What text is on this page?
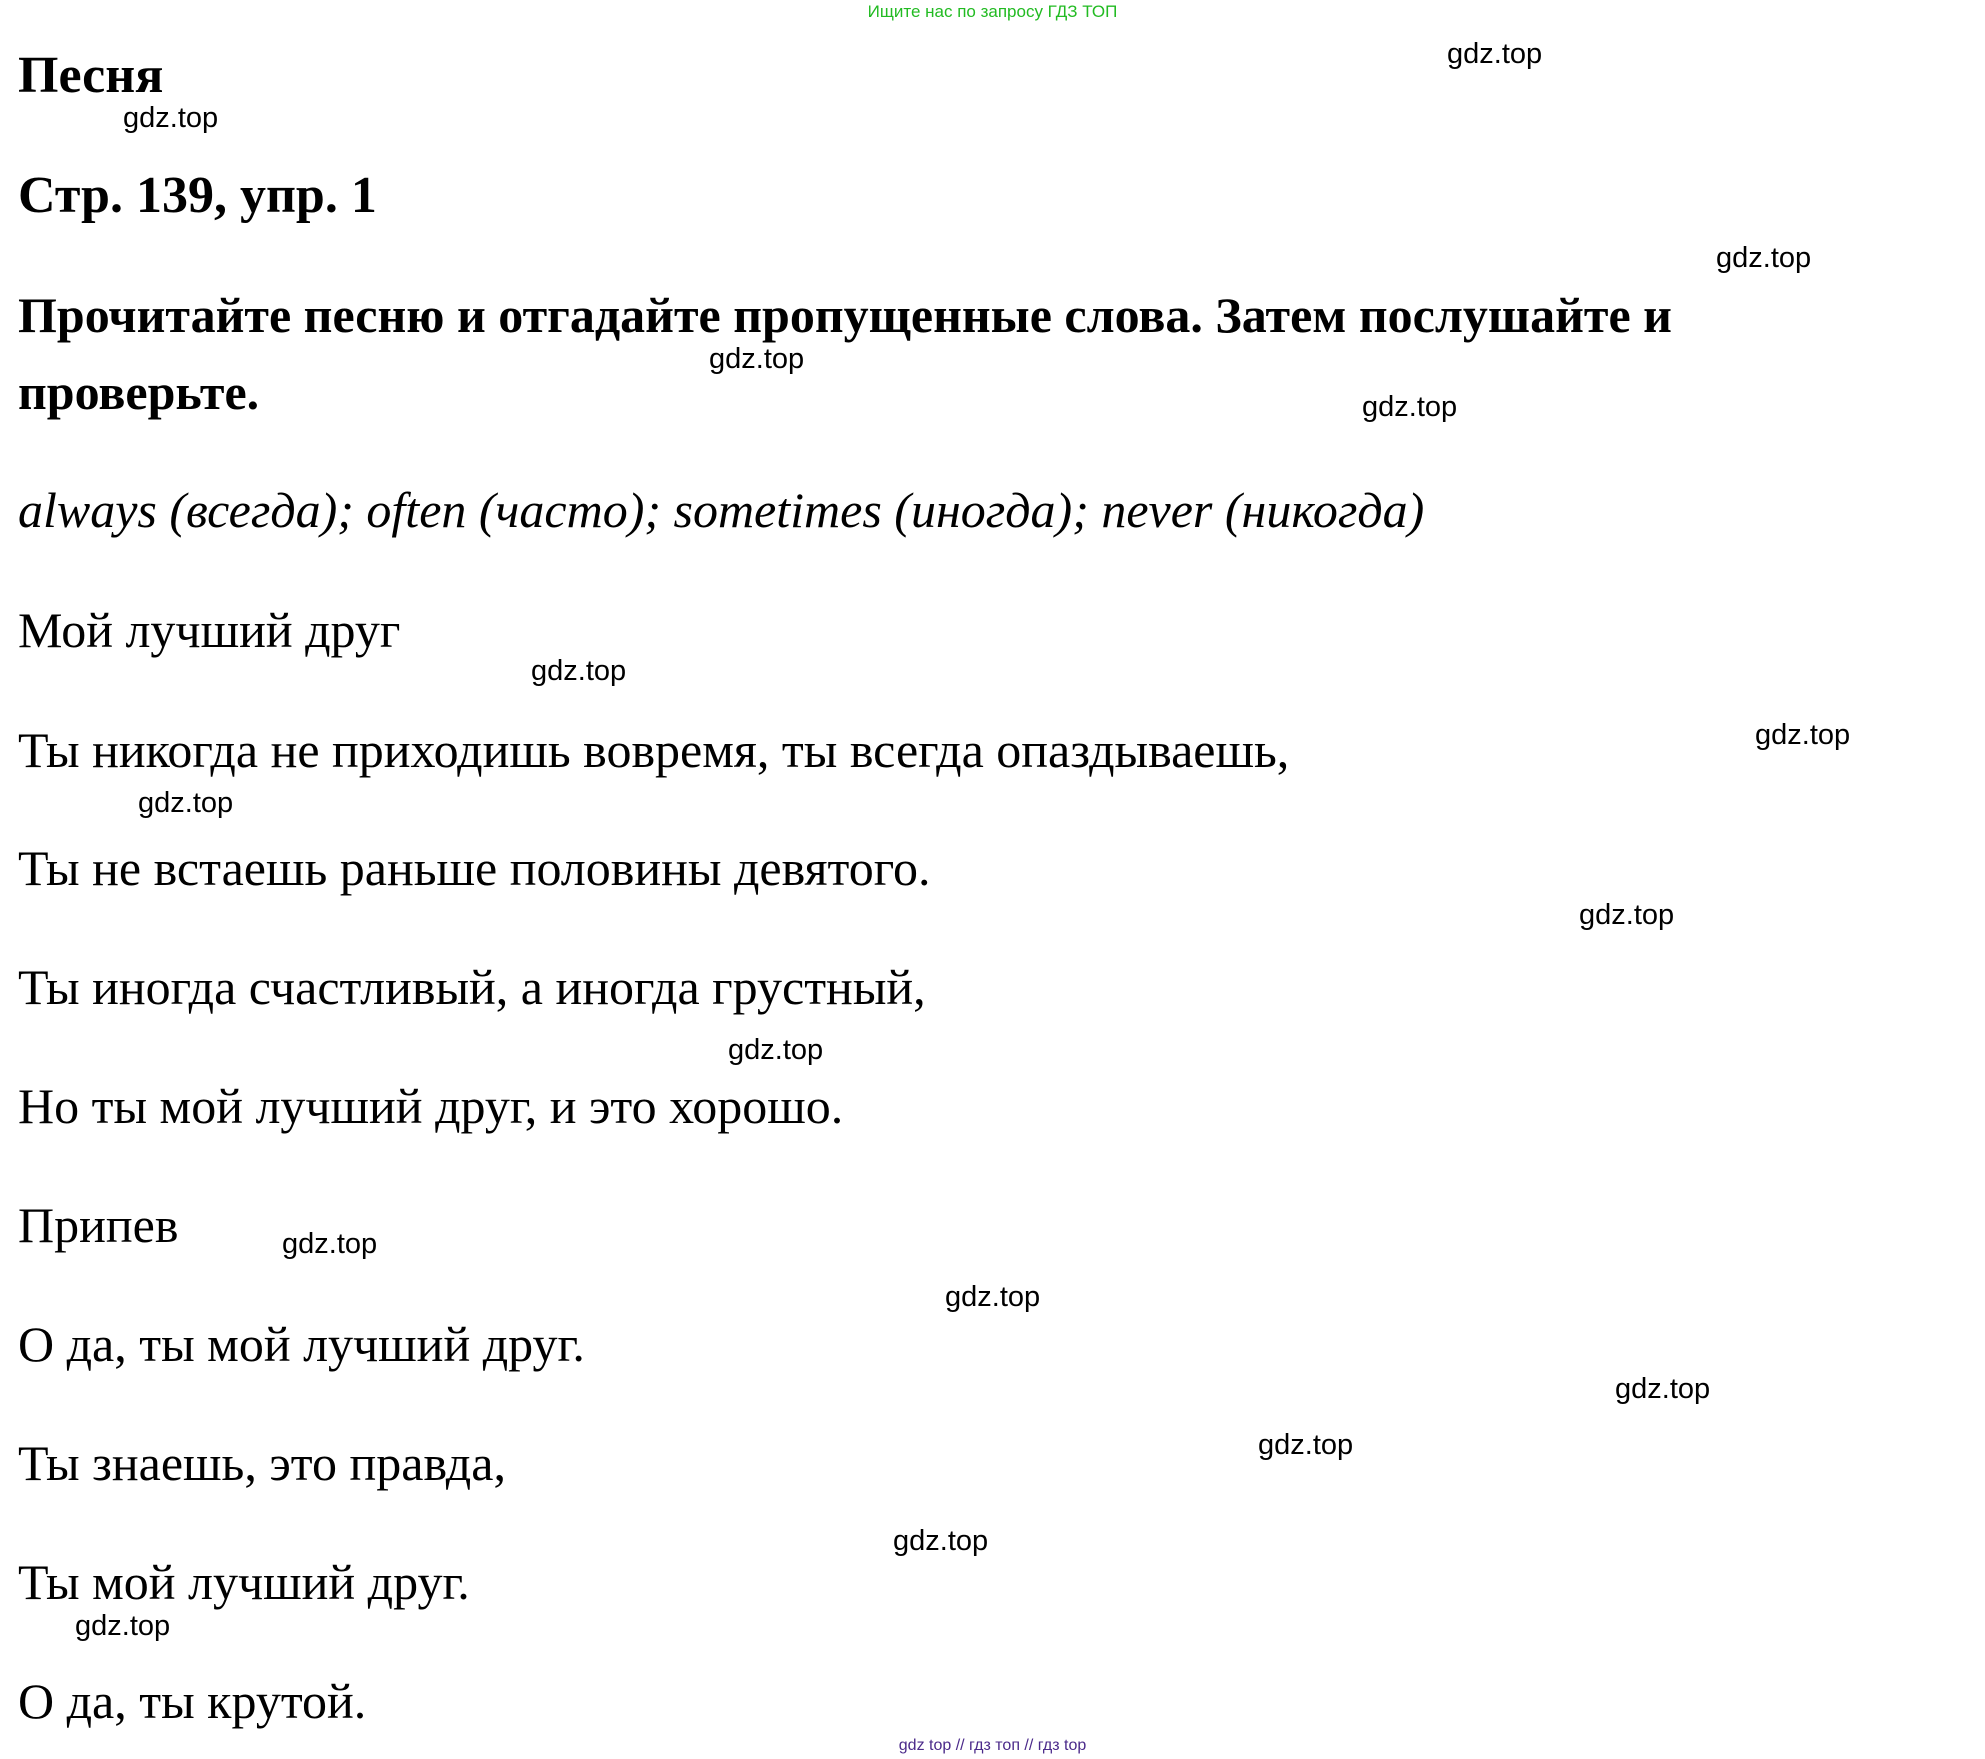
Ищите нас по запросу ГДЗ ТОП
Песня
Стр. 139, упр. 1
Прочитайте песню и отгадайте пропущенные слова. Затем послушайте и
проверьте.
always (всегда); often (часто); sometimes (иногда); never (никогда)
Мой лучший друг
Ты никогда не приходишь вовремя, ты всегда опаздываешь,
Ты не встаешь раньше половины девятого.
Ты иногда счастливый, а иногда грустный,
Но ты мой лучший друг, и это хорошо.
Припев
О да, ты мой лучший друг.
Ты знаешь, это правда,
Ты мой лучший друг.
О да, ты крутой.
gdz.top
gdz.top
gdz.top
gdz.top
gdz.top
gdz.top
gdz.top
gdz.top
gdz.top
gdz.top
gdz.top
gdz.top
gdz.top
gdz.top
gdz.top
gdz.top
gdz top // гдз топ // гдз top
